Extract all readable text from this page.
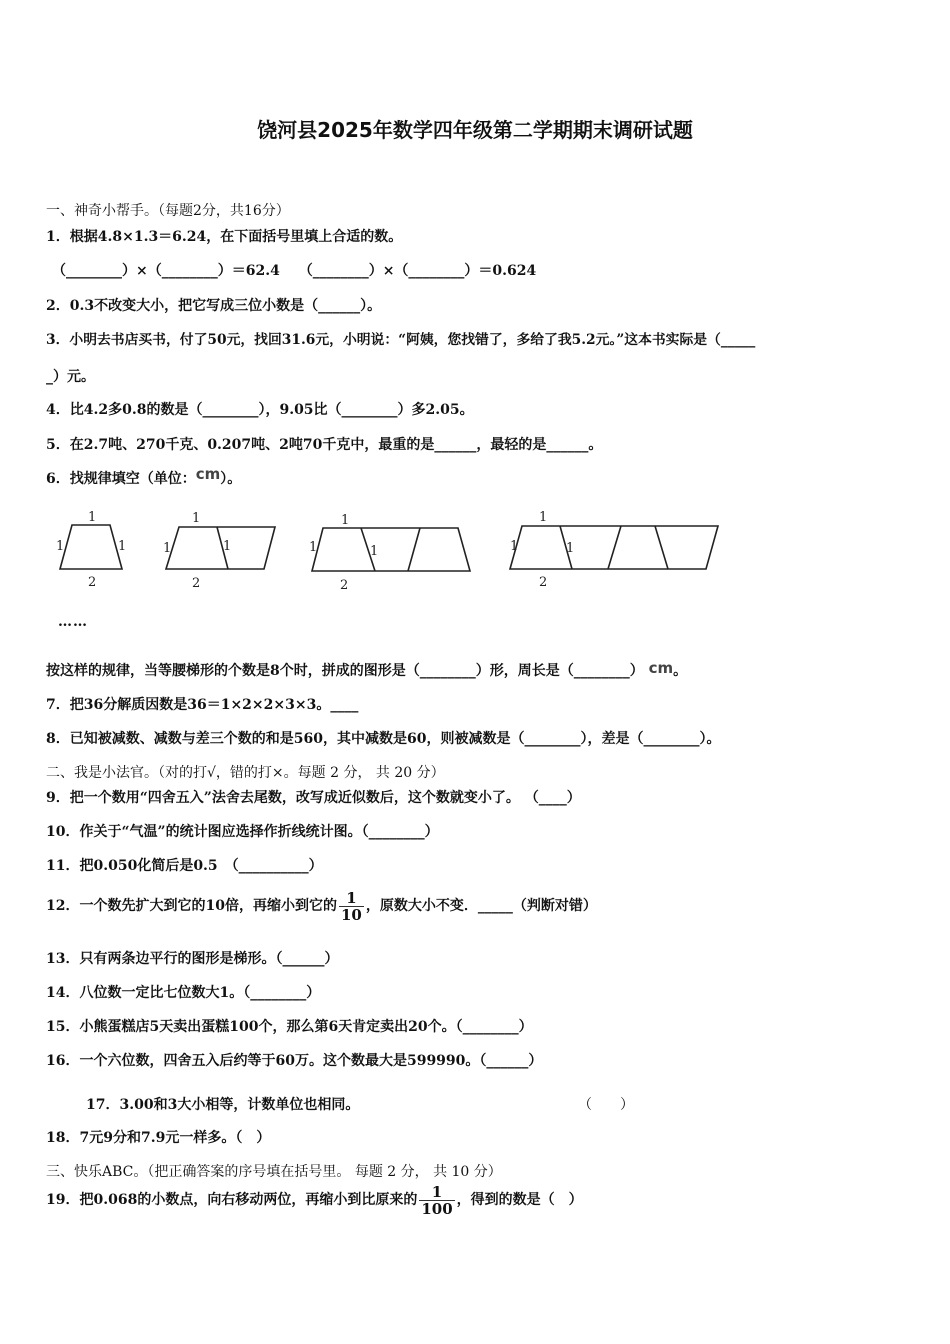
饶河县2025年数学四年级第二学期期末调研试题
一、神奇小帮手。（每题2分，共16分）
1．根据4.8×1.3＝6.24，在下面括号里填上合适的数。
（________）×（________）＝62.4　 （________）×（________）＝0.624
2．0.3不改变大小，把它写成三位小数是（______）。
3．小明去书店买书，付了50元，找回31.6元，小明说：“阿姨，您找错了，多给了我5.2元。”这本书实际是（_____
_）元。
4．比4.2多0.8的数是（________），9.05比（________）多2.05。
5．在2.7吨、270千克、0.207吨、2吨70千克中，最重的是______，最轻的是______。
6．找规律填空（单位：cm）。
1
1	1
2
1
1	1
2
1
1	1
2
1
1	1
2
……
按这样的规律，当等腰梯形的个数是8个时，拼成的图形是（________）形，周长是（________） cm。
7．把36分解质因数是36＝1×2×2×3×3。____
8．已知被减数、减数与差三个数的和是560，其中减数是60，则被减数是（________），差是（________）。
二、我是小法官。（对的打√，错的打×。每题 2 分， 共 20 分）
9．把一个数用“四舍五入”法舍去尾数，改写成近似数后，这个数就变小了。 （____）
10．作关于“气温”的统计图应选择作折线统计图。（________）
11．把0.050化简后是0.5　（__________）
12．一个数先扩大到它的10倍，再缩小到它的 $\frac{1}{10}$ ，原数大小不变．_____（判断对错）
13．只有两条边平行的图形是梯形。（______）
14．八位数一定比七位数大1。（________）
15．小熊蛋糕店5天卖出蛋糕100个，那么第6天肯定卖出20个。（________）
16．一个六位数，四舍五入后约等于60万。这个数最大是599990。（______）
17．3.00和3大小相等，计数单位也相同。	（　　）
18．7元9分和7.9元一样多。（　）
三、快乐ABC。（把正确答案的序号填在括号里。 每题 2 分， 共 10 分）
19．把0.068的小数点，向右移动两位，再缩小到比原来的 $\frac{1}{100}$ ，得到的数是（　）
